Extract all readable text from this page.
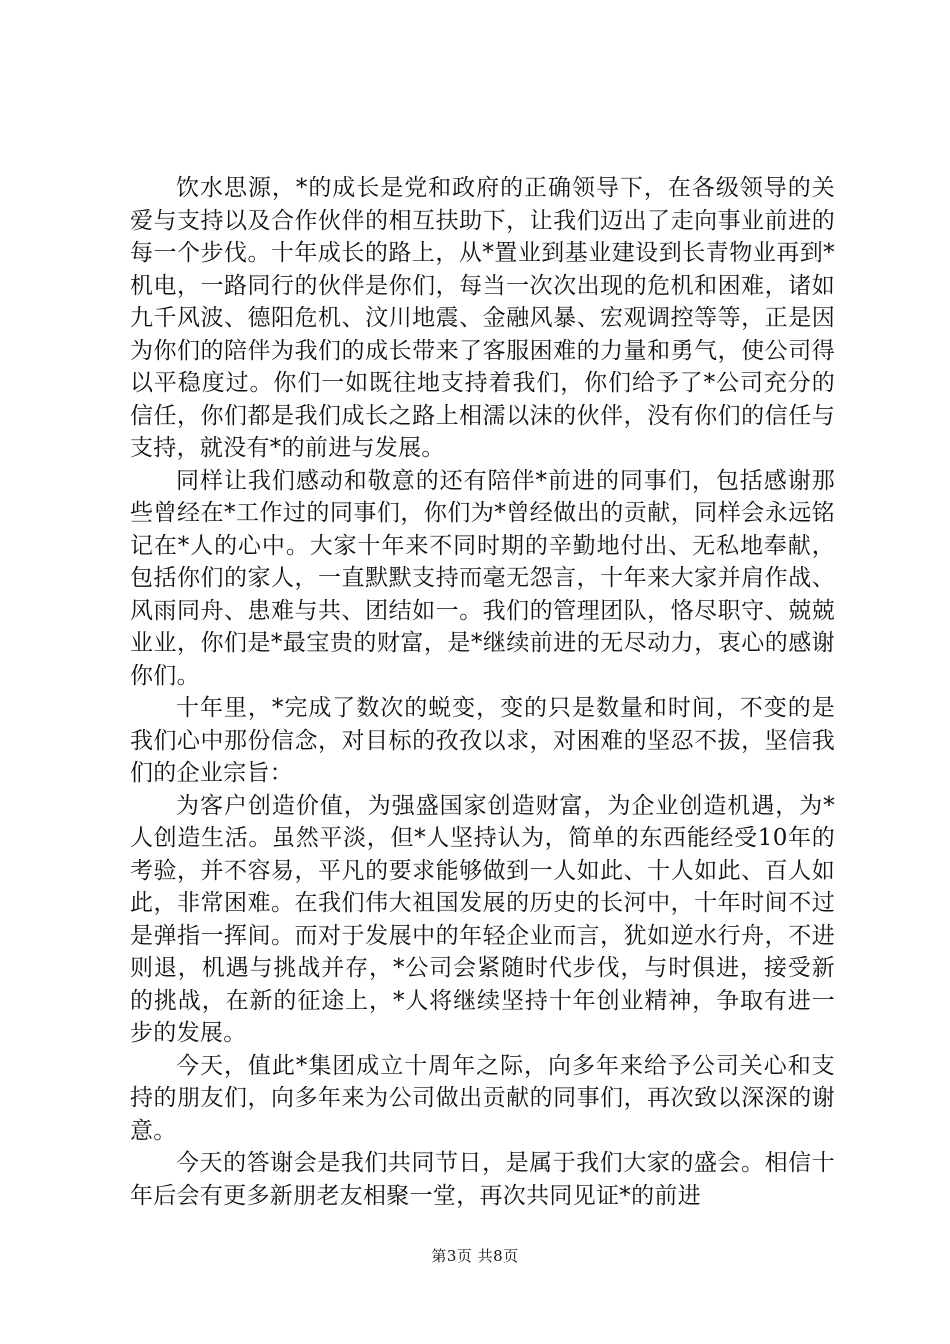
饮水思源，*的成长是党和政府的正确领导下，在各级领导的关爱与支持以及合作伙伴的相互扶助下，让我们迈出了走向事业前进的每一个步伐。十年成长的路上，从*置业到基业建设到长青物业再到*机电，一路同行的伙伴是你们，每当一次次出现的危机和困难，诸如九千风波、德阳危机、汶川地震、金融风暴、宏观调控等等，正是因为你们的陪伴为我们的成长带来了客服困难的力量和勇气，使公司得以平稳度过。你们一如既往地支持着我们，你们给予了*公司充分的信任，你们都是我们成长之路上相濡以沫的伙伴，没有你们的信任与支持，就没有*的前进与发展。

同样让我们感动和敬意的还有陪伴*前进的同事们，包括感谢那些曾经在*工作过的同事们，你们为*曾经做出的贡献，同样会永远铭记在*人的心中。大家十年来不同时期的辛勤地付出、无私地奉献，包括你们的家人，一直默默支持而毫无怨言，十年来大家并肩作战、风雨同舟、患难与共、团结如一。我们的管理团队，恪尽职守、兢兢业业，你们是*最宝贵的财富，是*继续前进的无尽动力，衷心的感谢你们。

十年里，*完成了数次的蜕变，变的只是数量和时间，不变的是我们心中那份信念，对目标的孜孜以求，对困难的坚忍不拔，坚信我们的企业宗旨：

为客户创造价值，为强盛国家创造财富，为企业创造机遇，为*人创造生活。虽然平淡，但*人坚持认为，简单的东西能经受10年的考验，并不容易，平凡的要求能够做到一人如此、十人如此、百人如此，非常困难。在我们伟大祖国发展的历史的长河中，十年时间不过是弹指一挥间。而对于发展中的年轻企业而言，犹如逆水行舟，不进则退，机遇与挑战并存，*公司会紧随时代步伐，与时俱进，接受新的挑战，在新的征途上，*人将继续坚持十年创业精神，争取有进一步的发展。

今天，值此*集团成立十周年之际，向多年来给予公司关心和支持的朋友们，向多年来为公司做出贡献的同事们，再次致以深深的谢意。

今天的答谢会是我们共同节日，是属于我们大家的盛会。相信十年后会有更多新朋老友相聚一堂，再次共同见证*的前进

第3页 共8页
